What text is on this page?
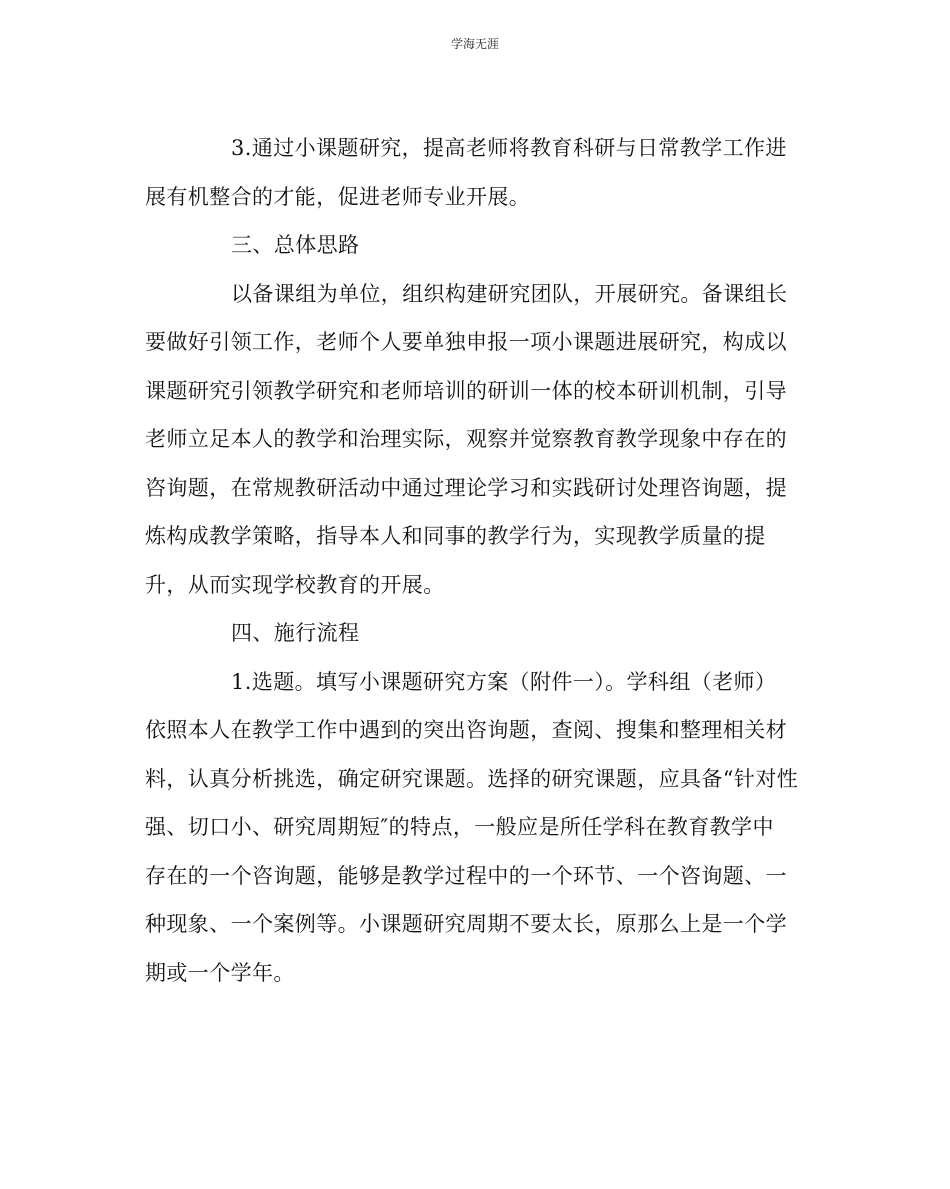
学海无涯
3.通过小课题研究，提高老师将教育科研与日常教学工作进
展有机整合的才能，促进老师专业开展。
三、总体思路
以备课组为单位，组织构建研究团队，开展研究。备课组长
要做好引领工作，老师个人要单独申报一项小课题进展研究，构成以
课题研究引领教学研究和老师培训的研训一体的校本研训机制，引导
老师立足本人的教学和治理实际，观察并觉察教育教学现象中存在的
咨询题，在常规教研活动中通过理论学习和实践研讨处理咨询题，提
炼构成教学策略，指导本人和同事的教学行为，实现教学质量的提
升，从而实现学校教育的开展。
四、施行流程
1.选题。填写小课题研究方案（附件一）。学科组（老师）
依照本人在教学工作中遇到的突出咨询题，查阅、搜集和整理相关材
料，认真分析挑选，确定研究课题。选择的研究课题，应具备“针对性
强、切口小、研究周期短″的特点，一般应是所任学科在教育教学中
存在的一个咨询题，能够是教学过程中的一个环节、一个咨询题、一
种现象、一个案例等。小课题研究周期不要太长，原那么上是一个学
期或一个学年。
